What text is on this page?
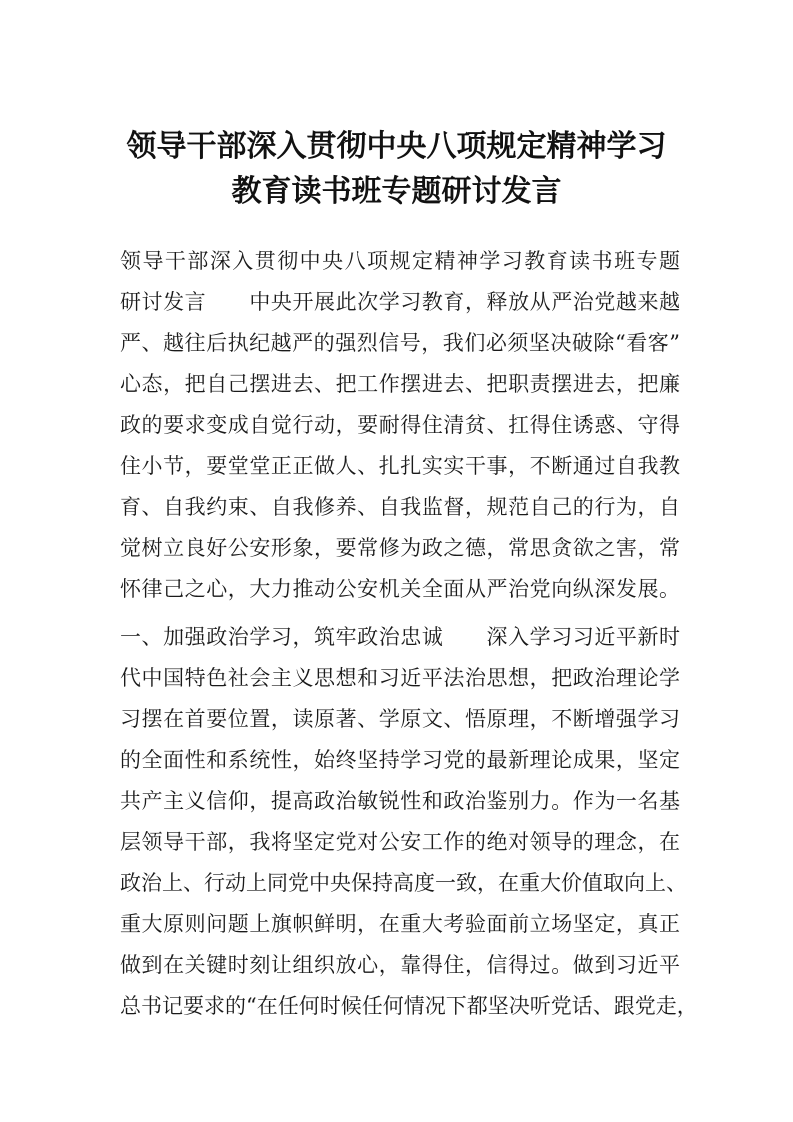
领导干部深入贯彻中央八项规定精神学习
教育读书班专题研讨发言
领导干部深入贯彻中央八项规定精神学习教育读书班专题
研讨发言　　中央开展此次学习教育，释放从严治党越来越
严、越往后执纪越严的强烈信号，我们必须坚决破除“看客”
心态，把自己摆进去、把工作摆进去、把职责摆进去，把廉
政的要求变成自觉行动，要耐得住清贫、扛得住诱惑、守得
住小节，要堂堂正正做人、扎扎实实干事，不断通过自我教
育、自我约束、自我修养、自我监督，规范自己的行为，自
觉树立良好公安形象，要常修为政之德，常思贪欲之害，常
怀律己之心，大力推动公安机关全面从严治党向纵深发展。
一、加强政治学习，筑牢政治忠诚　　深入学习习近平新时
代中国特色社会主义思想和习近平法治思想，把政治理论学
习摆在首要位置，读原著、学原文、悟原理，不断增强学习
的全面性和系统性，始终坚持学习党的最新理论成果，坚定
共产主义信仰，提高政治敏锐性和政治鉴别力。作为一名基
层领导干部，我将坚定党对公安工作的绝对领导的理念，在
政治上、行动上同党中央保持高度一致，在重大价值取向上、
重大原则问题上旗帜鲜明，在重大考验面前立场坚定，真正
做到在关键时刻让组织放心，靠得住，信得过。做到习近平
总书记要求的“在任何时候任何情况下都坚决听党话、跟党走，
